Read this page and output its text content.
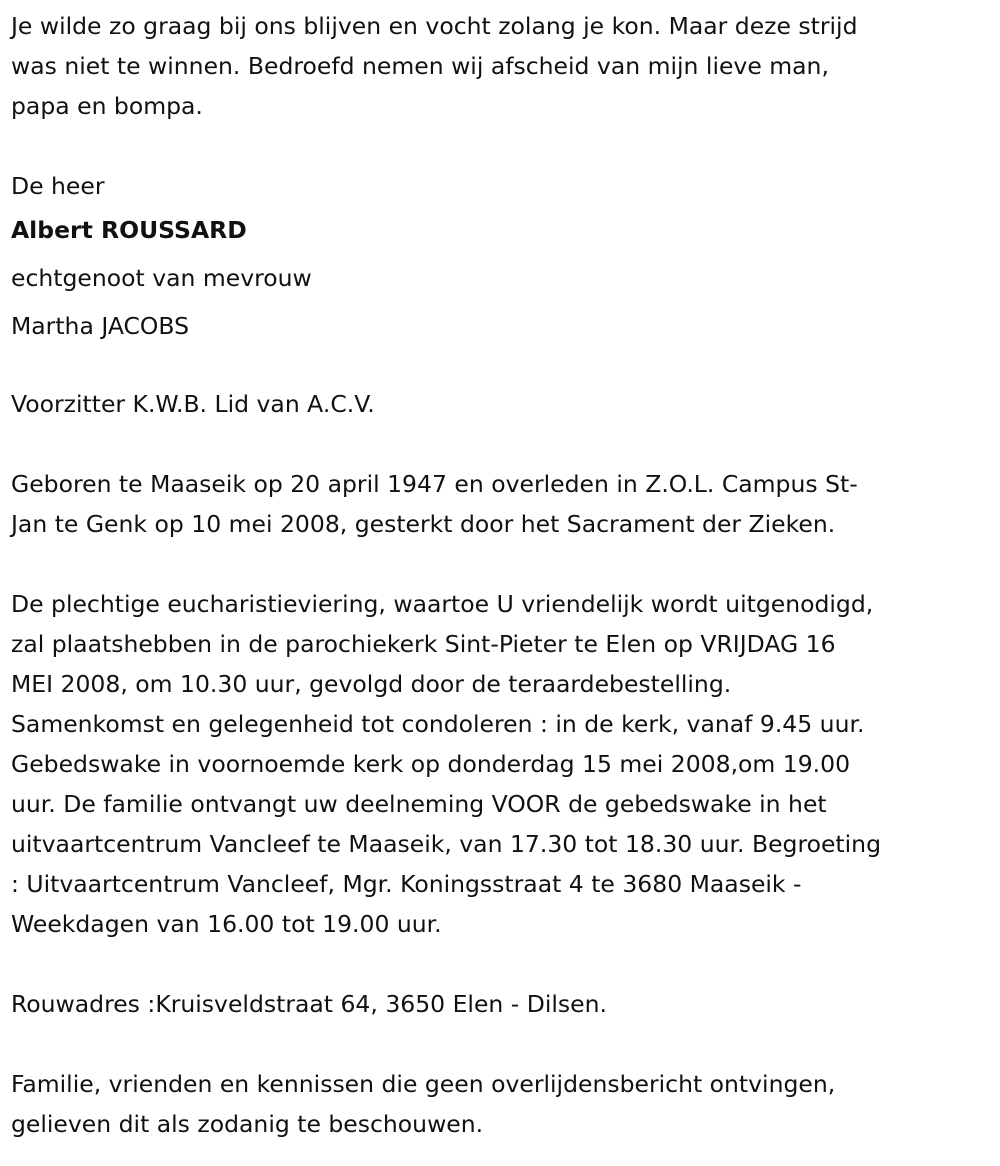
Je wilde zo graag bij ons blijven en vocht zolang je kon. Maar deze strijd
was niet te winnen. Bedroefd nemen wij afscheid van mijn lieve man,
papa en bompa.

De heer

Albert ROUSSARD

echtgenoot van mevrouw

Martha JACOBS

Voorzitter K.W.B. Lid van A.C.V.

Geboren te Maaseik op 20 april 1947 en overleden in Z.O.L. Campus St-
Jan te Genk op 10 mei 2008, gesterkt door het Sacrament der Zieken.

De plechtige eucharistieviering, waartoe U vriendelijk wordt uitgenodigd,
zal plaatshebben in de parochiekerk Sint-Pieter te Elen op VRIJDAG 16
MEI 2008, om 10.30 uur, gevolgd door de teraardebestelling.
Samenkomst en gelegenheid tot condoleren : in de kerk, vanaf 9.45 uur.
Gebedswake in voornoemde kerk op donderdag 15 mei 2008,om 19.00
uur. De familie ontvangt uw deelneming VOOR de gebedswake in het
uitvaartcentrum Vancleef te Maaseik, van 17.30 tot 18.30 uur. Begroeting
: Uitvaartcentrum Vancleef, Mgr. Koningsstraat 4 te 3680 Maaseik -
Weekdagen van 16.00 tot 19.00 uur.

Rouwadres :Kruisveldstraat 64, 3650 Elen - Dilsen.

Familie, vrienden en kennissen die geen overlijdensbericht ontvingen,
gelieven dit als zodanig te beschouwen.
